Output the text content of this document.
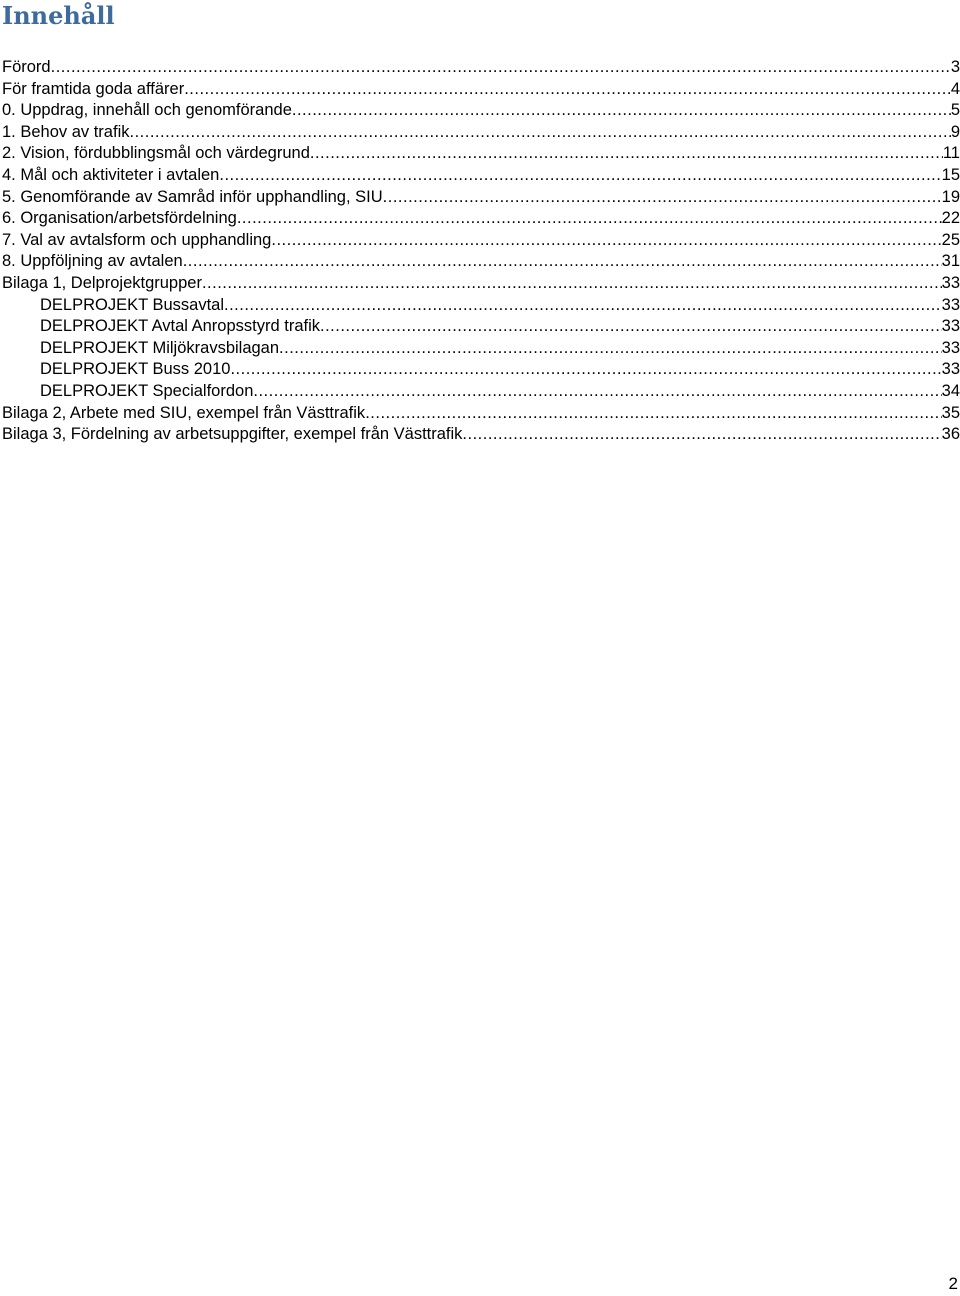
Innehåll
Förord .....	3
För framtida goda affärer .....	4
0. Uppdrag, innehåll och genomförande .....	5
1. Behov av trafik .....	9
2. Vision, fördubblingsmål och värdegrund .....	11
4. Mål och aktiviteter i avtalen .....	15
5. Genomförande av Samråd inför upphandling, SIU .....	19
6. Organisation/arbetsfördelning .....	22
7. Val av avtalsform och upphandling .....	25
8. Uppföljning av avtalen .....	31
Bilaga 1, Delprojektgrupper .....	33
DELPROJEKT Bussavtal .....	33
DELPROJEKT Avtal Anropsstyrd trafik .....	33
DELPROJEKT Miljökravsbilagan .....	33
DELPROJEKT Buss 2010 .....	33
DELPROJEKT Specialfordon .....	34
Bilaga 2, Arbete med SIU, exempel från Västtrafik .....	35
Bilaga 3, Fördelning av arbetsuppgifter, exempel från Västtrafik .....	36
2
